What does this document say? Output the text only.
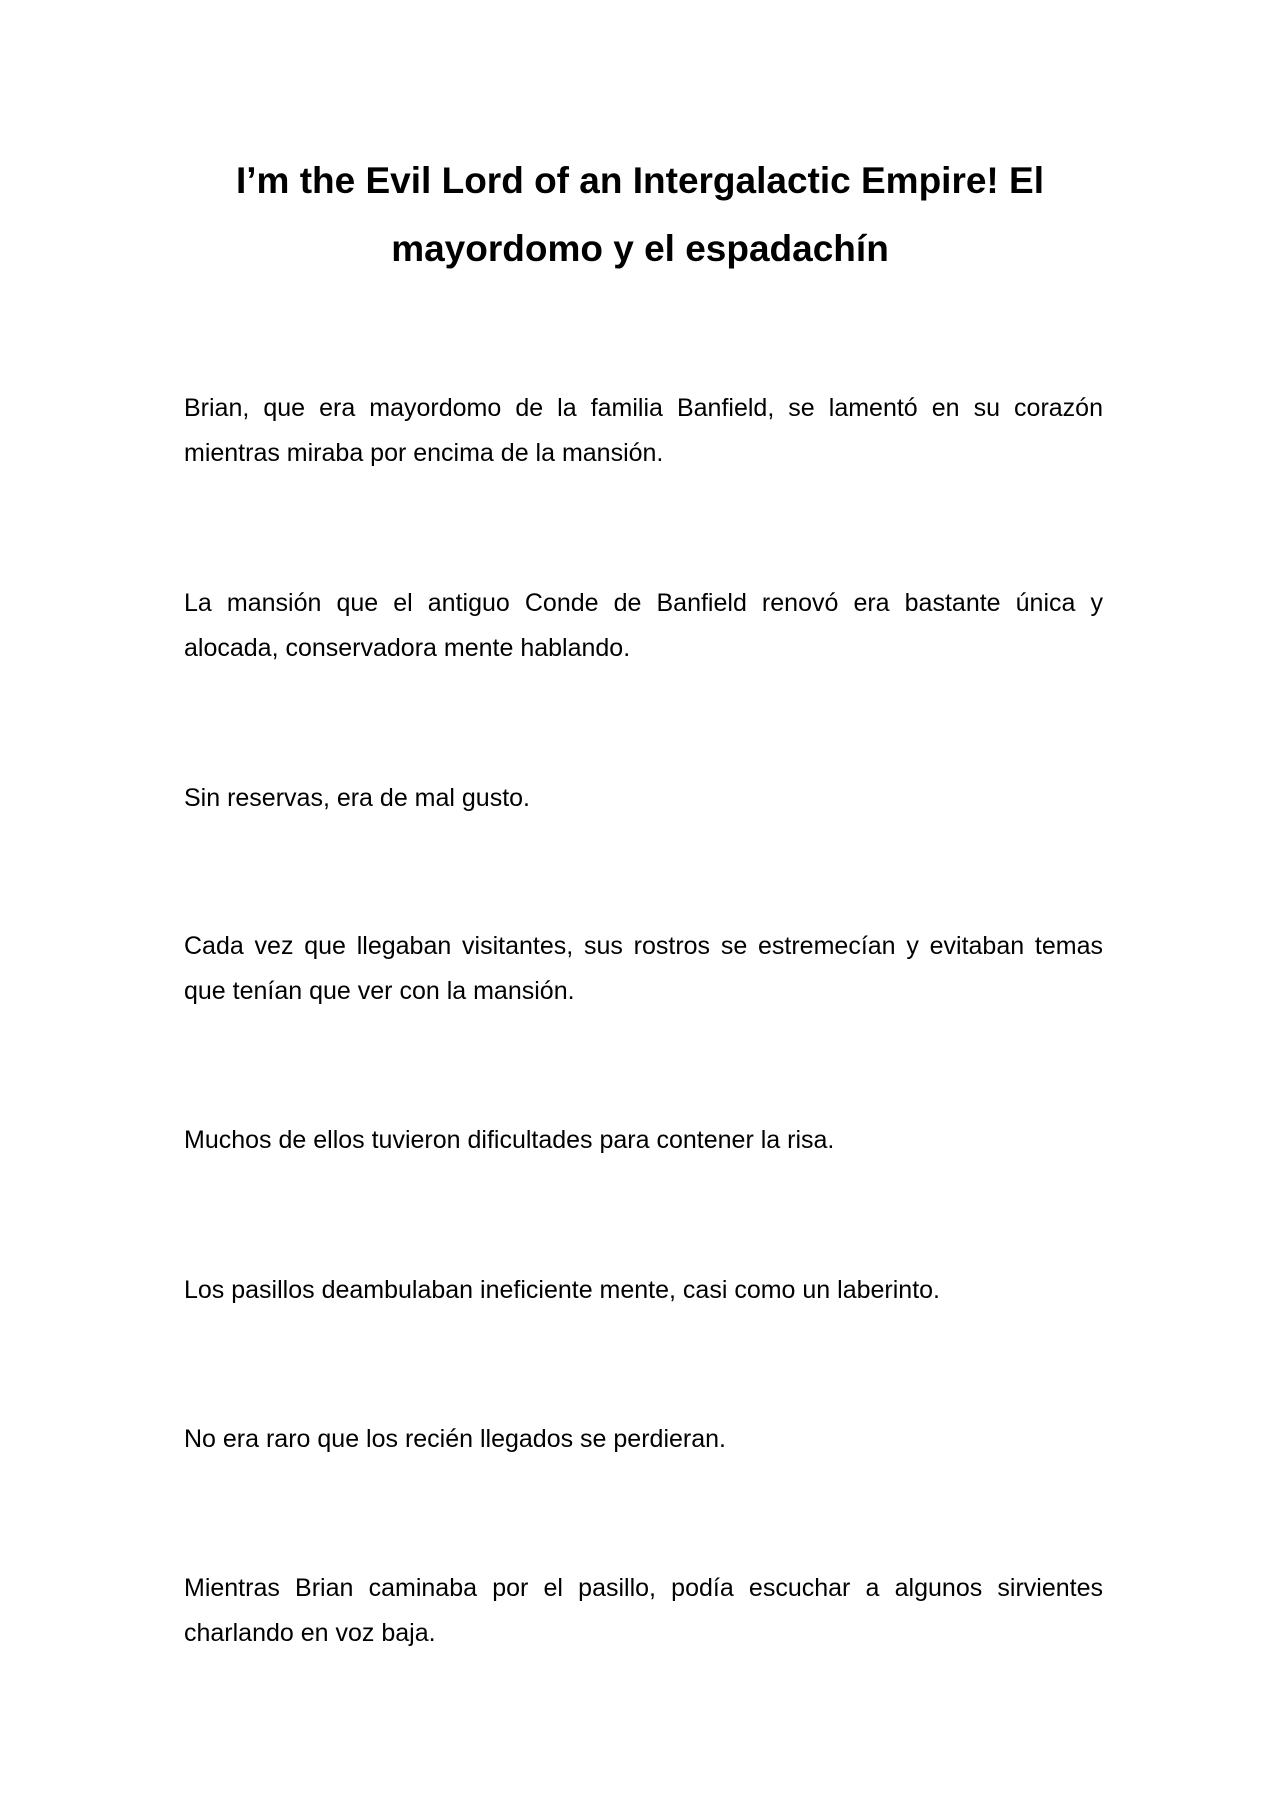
I’m the Evil Lord of an Intergalactic Empire! El mayordomo y el espadachín

Brian, que era mayordomo de la familia Banfield, se lamentó en su corazón mientras miraba por encima de la mansión.

La mansión que el antiguo Conde de Banfield renovó era bastante única y alocada, conservadora mente hablando.

Sin reservas, era de mal gusto.

Cada vez que llegaban visitantes, sus rostros se estremecían y evitaban temas que tenían que ver con la mansión.

Muchos de ellos tuvieron dificultades para contener la risa.

Los pasillos deambulaban ineficiente mente, casi como un laberinto.

No era raro que los recién llegados se perdieran.

Mientras Brian caminaba por el pasillo, podía escuchar a algunos sirvientes charlando en voz baja.
